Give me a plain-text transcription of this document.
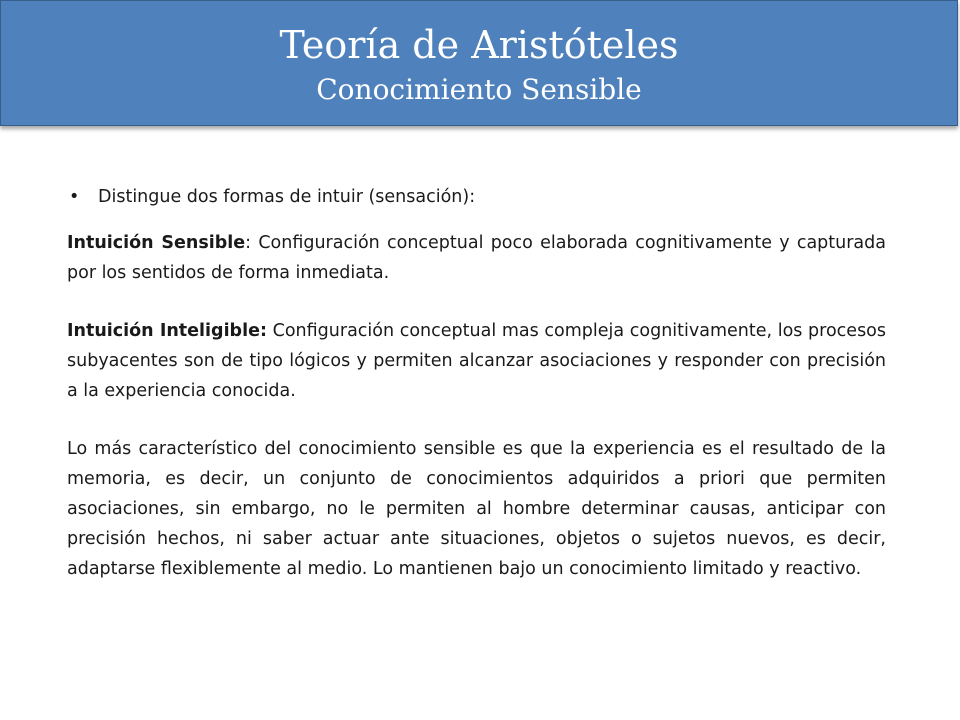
Teoría de Aristóteles
Conocimiento Sensible
• Distingue dos formas de intuir (sensación):

Intuición Sensible: Configuración conceptual poco elaborada cognitivamente y capturada por los sentidos de forma inmediata.

Intuición Inteligible: Configuración conceptual mas compleja cognitivamente, los procesos subyacentes son de tipo lógicos y permiten alcanzar asociaciones y responder con precisión a la experiencia conocida.

Lo más característico del conocimiento sensible es que la experiencia es el resultado de la memoria, es decir, un conjunto de conocimientos adquiridos a priori que permiten asociaciones, sin embargo, no le permiten al hombre determinar causas, anticipar con precisión hechos, ni saber actuar ante situaciones, objetos o sujetos nuevos, es decir, adaptarse flexiblemente al medio. Lo mantienen bajo un conocimiento limitado y reactivo.
